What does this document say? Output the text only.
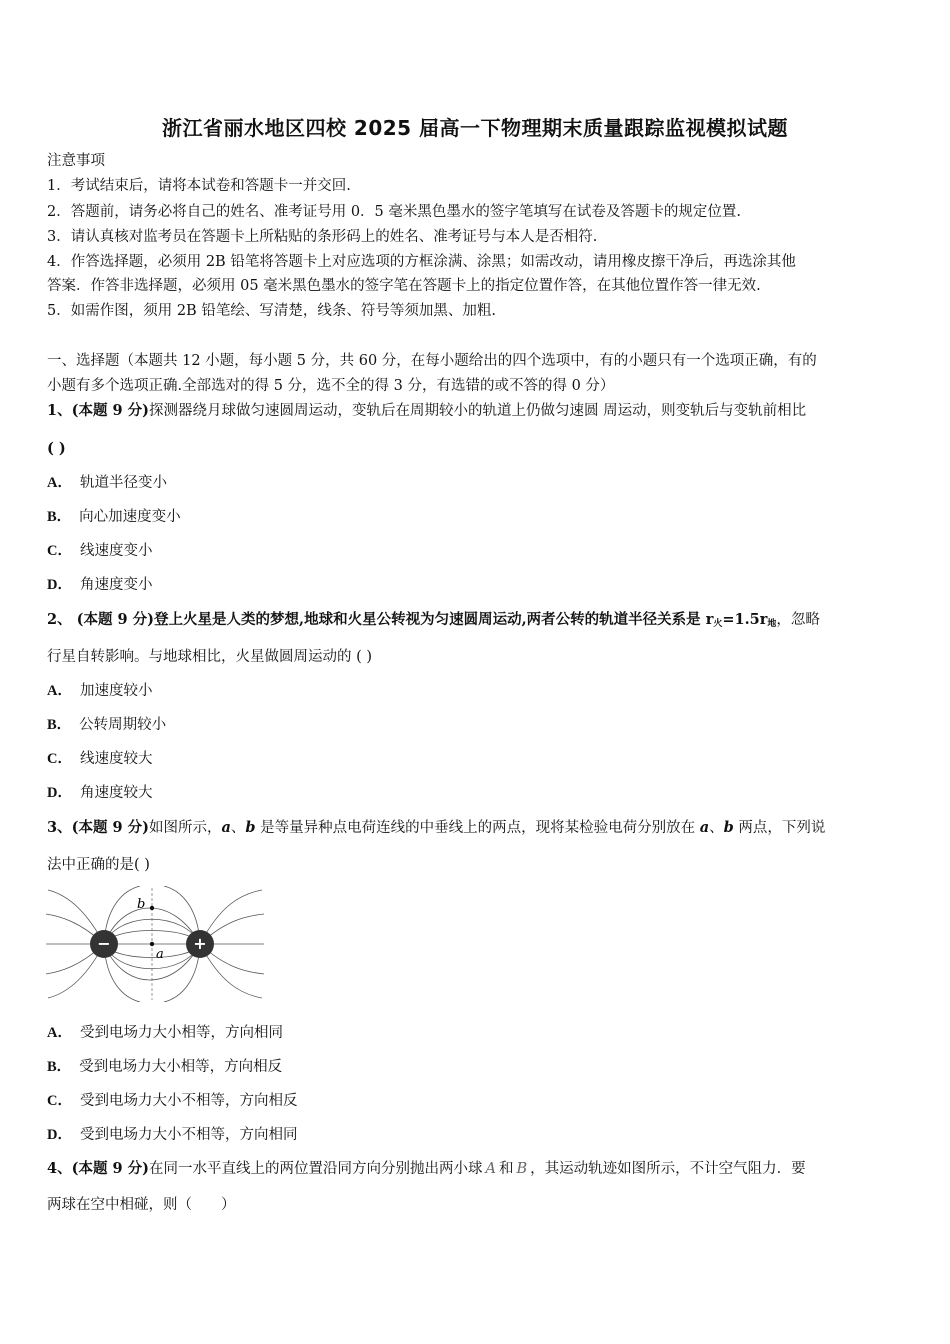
浙江省丽水地区四校 2025 届高一下物理期末质量跟踪监视模拟试题
注意事项
1．考试结束后，请将本试卷和答题卡一并交回.
2．答题前，请务必将自己的姓名、准考证号用 0．5 毫米黑色墨水的签字笔填写在试卷及答题卡的规定位置.
3．请认真核对监考员在答题卡上所粘贴的条形码上的姓名、准考证号与本人是否相符.
4．作答选择题，必须用 2B 铅笔将答题卡上对应选项的方框涂满、涂黑；如需改动，请用橡皮擦干净后，再选涂其他
答案．作答非选择题，必须用 05 毫米黑色墨水的签字笔在答题卡上的指定位置作答，在其他位置作答一律无效.
5．如需作图，须用 2B 铅笔绘、写清楚，线条、符号等须加黑、加粗.
一、选择题（本题共 12 小题，每小题 5 分，共 60 分，在每小题给出的四个选项中，有的小题只有一个选项正确，有的
小题有多个选项正确.全部选对的得 5 分，选不全的得 3 分，有选错的或不答的得 0 分）
1、(本题 9 分)探测器绕月球做匀速圆周运动，变轨后在周期较小的轨道上仍做匀速圆 周运动，则变轨后与变轨前相比
( )
A． 轨道半径变小
B． 向心加速度变小
C． 线速度变小
D． 角速度变小
2、 (本题 9 分)登上火星是人类的梦想,地球和火星公转视为匀速圆周运动,两者公转的轨道半径关系是 $r_火=1.5r_地$，忽略
行星自转影响。与地球相比，火星做圆周运动的 ( )
A． 加速度较小
B． 公转周期较小
C． 线速度较大
D． 角速度较大
3、(本题 9 分)如图所示，a、b 是等量异种点电荷连线的中垂线上的两点，现将某检验电荷分别放在 a、b 两点，下列说
法中正确的是( )
−	+
b
a
A． 受到电场力大小相等，方向相同
B． 受到电场力大小相等，方向相反
C． 受到电场力大小不相等，方向相反
D． 受到电场力大小不相等，方向相同
4、(本题 9 分)在同一水平直线上的两位置沿同方向分别抛出两小球 A 和 B ，其运动轨迹如图所示，不计空气阻力．要
两球在空中相碰，则（　　）
